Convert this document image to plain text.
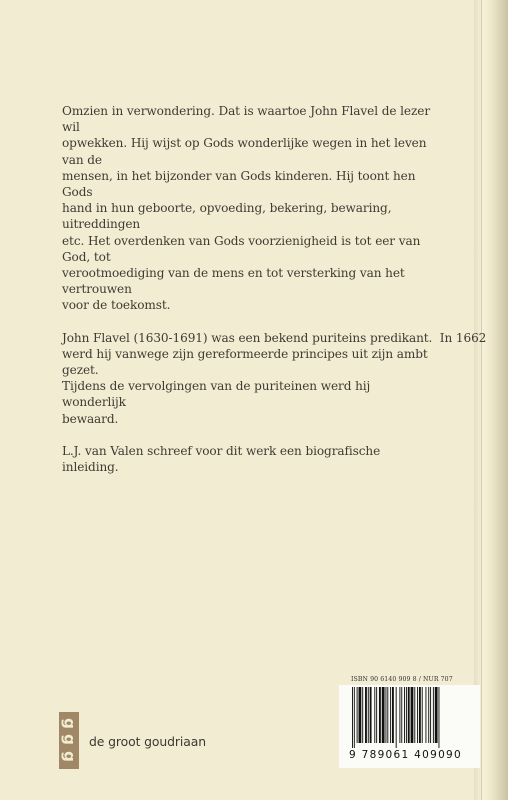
Omzien in verwondering. Dat is waartoe John Flavel de lezer wil
opwekken. Hij wijst op Gods wonderlijke wegen in het leven van de
mensen, in het bijzonder van Gods kinderen. Hij toont hen Gods
hand in hun geboorte, opvoeding, bekering, bewaring, uitreddingen
etc. Het overdenken van Gods voorzienigheid is tot eer van God, tot
verootmoediging van de mens en tot versterking van het vertrouwen
voor de toekomst.

John Flavel (1630-1691) was een bekend puriteins predikant.  In 1662
werd hij vanwege zijn gereformeerde principes uit zijn ambt gezet.
Tijdens de vervolgingen van de puriteinen werd hij wonderlijk
bewaard.

L.J. van Valen schreef voor dit werk een biografische inleiding.

ISBN 90 6140 909 8 / NUR 707
9 789061 409090
g
g
g
de groot goudriaan
